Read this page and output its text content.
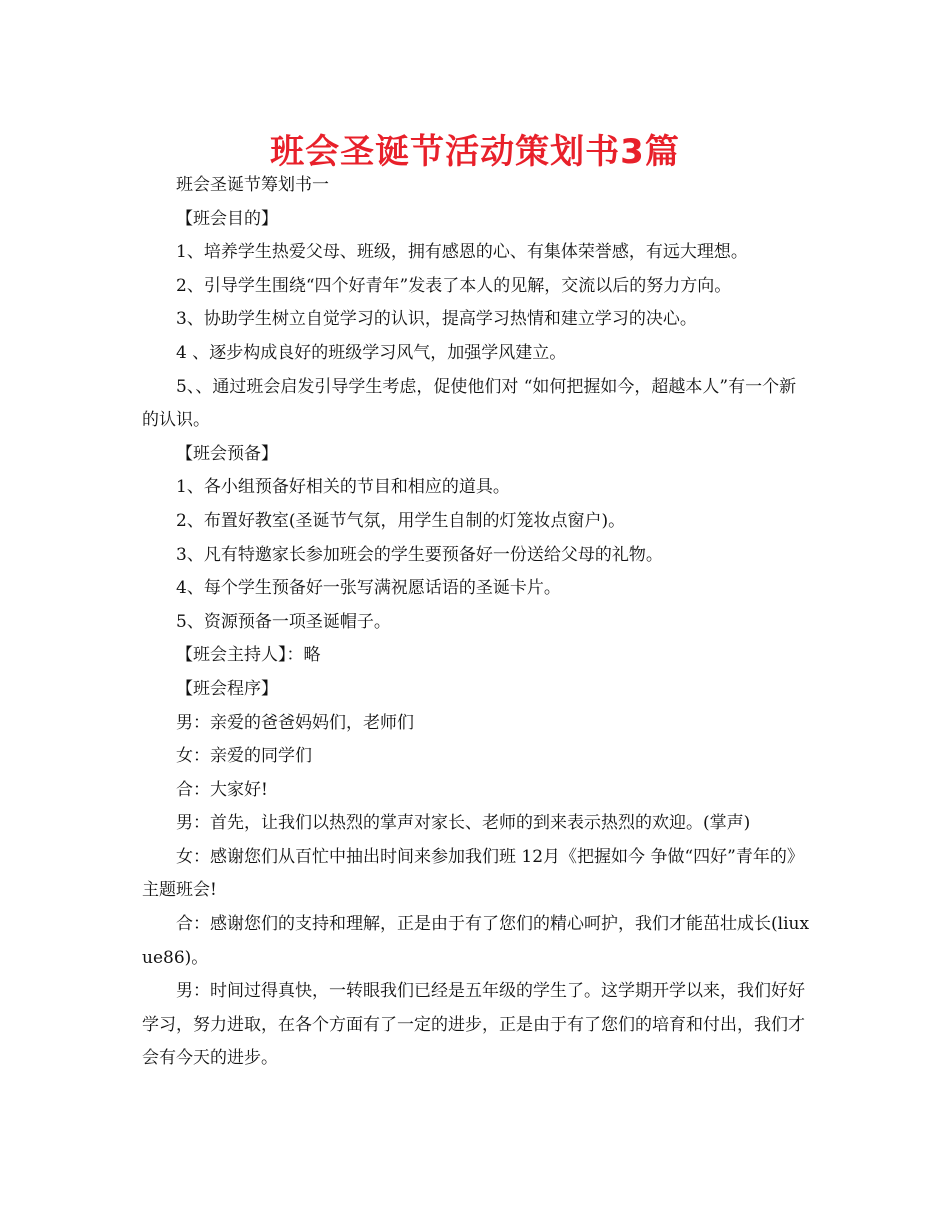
班会圣诞节活动策划书3篇

班会圣诞节筹划书一

【班会目的】

1、培养学生热爱父母、班级，拥有感恩的心、有集体荣誉感，有远大理想。

2、引导学生围绕“四个好青年”发表了本人的见解，交流以后的努力方向。

3、协助学生树立自觉学习的认识，提高学习热情和建立学习的决心。

4 、逐步构成良好的班级学习风气，加强学风建立。

5、、通过班会启发引导学生考虑，促使他们对 “如何把握如今，超越本人”有一个新的认识。

【班会预备】

1、各小组预备好相关的节目和相应的道具。

2、布置好教室(圣诞节气氛，用学生自制的灯笼妆点窗户)。

3、凡有特邀家长参加班会的学生要预备好一份送给父母的礼物。

4、每个学生预备好一张写满祝愿话语的圣诞卡片。

5、资源预备一项圣诞帽子。

【班会主持人】：略

【班会程序】

男：亲爱的爸爸妈妈们，老师们

女：亲爱的同学们

合：大家好!

男：首先，让我们以热烈的掌声对家长、老师的到来表示热烈的欢迎。(掌声)

女：感谢您们从百忙中抽出时间来参加我们班 12月《把握如今 争做“四好”青年的》主题班会!

合：感谢您们的支持和理解，正是由于有了您们的精心呵护，我们才能茁壮成长(liuxue86)。

男：时间过得真快，一转眼我们已经是五年级的学生了。这学期开学以来，我们好好学习，努力进取，在各个方面有了一定的进步，正是由于有了您们的培育和付出，我们才会有今天的进步。
